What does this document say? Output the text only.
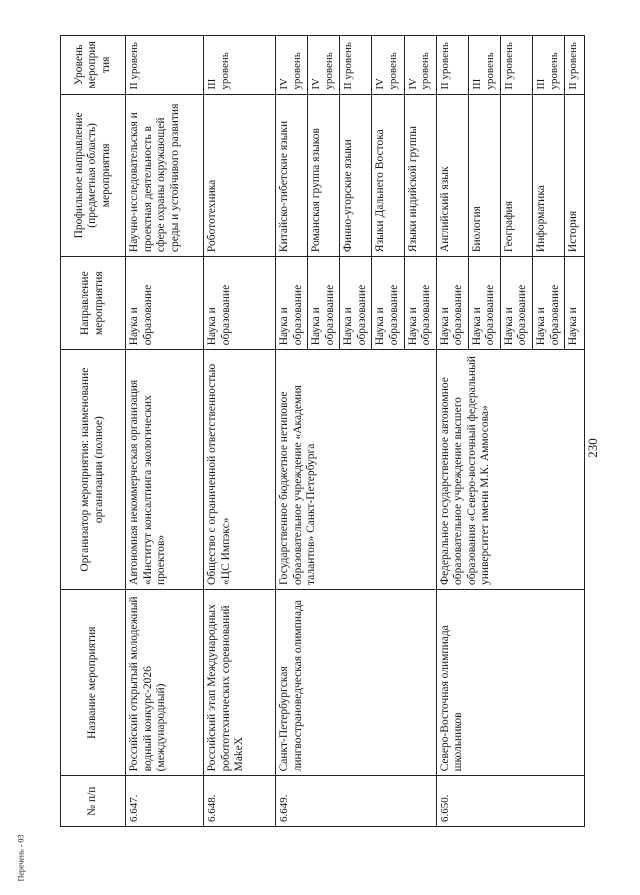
230
Перечень - 03
№ п/п	Название мероприятия	Организатор мероприятия: наименование организации (полное)	Направление мероприятия	Профильное направление (предметная область) мероприятия	Уровень мероприятия
6.647.	Российский открытый молодежный водный конкурс-2026 (международный)	Автономная некоммерческая организация «Институт консалтинга экологических проектов»	Наука и образование	Научно-исследовательская и проектная деятельность в сфере охраны окружающей среды и устойчивого развития	II уровень
6.648.	Российский этап Международных робототехнических соревнований MakeX	Общество с ограниченной ответственностью «ЦС Импэкс»	Наука и образование	Робототехника	III уровень
6.649.	Санкт-Петербургская лингвострановедческая олимпиада	Государственное бюджетное нетиповое образовательное учреждение «Академия талантов» Санкт-Петербурга	Наука и образование	Китайско-тибетские языки	IV уровень
			Наука и образование	Романская группа языков	IV уровень
			Наука и образование	Финно-угорские языки	II уровень
			Наука и образование	Языки Дальнего Востока	IV уровень
			Наука и образование	Языки индийской группы	IV уровень
6.650.	Северо-Восточная олимпиада школьников	Федеральное государственное автономное образовательное учреждение высшего образования «Северо-восточный федеральный университет имени М.К. Аммосова»	Наука и образование	Английский язык	II уровень
			Наука и образование	Биология	III уровень
			Наука и образование	География	II уровень
			Наука и образование	Информатика	III уровень
			Наука и	История	II уровень
